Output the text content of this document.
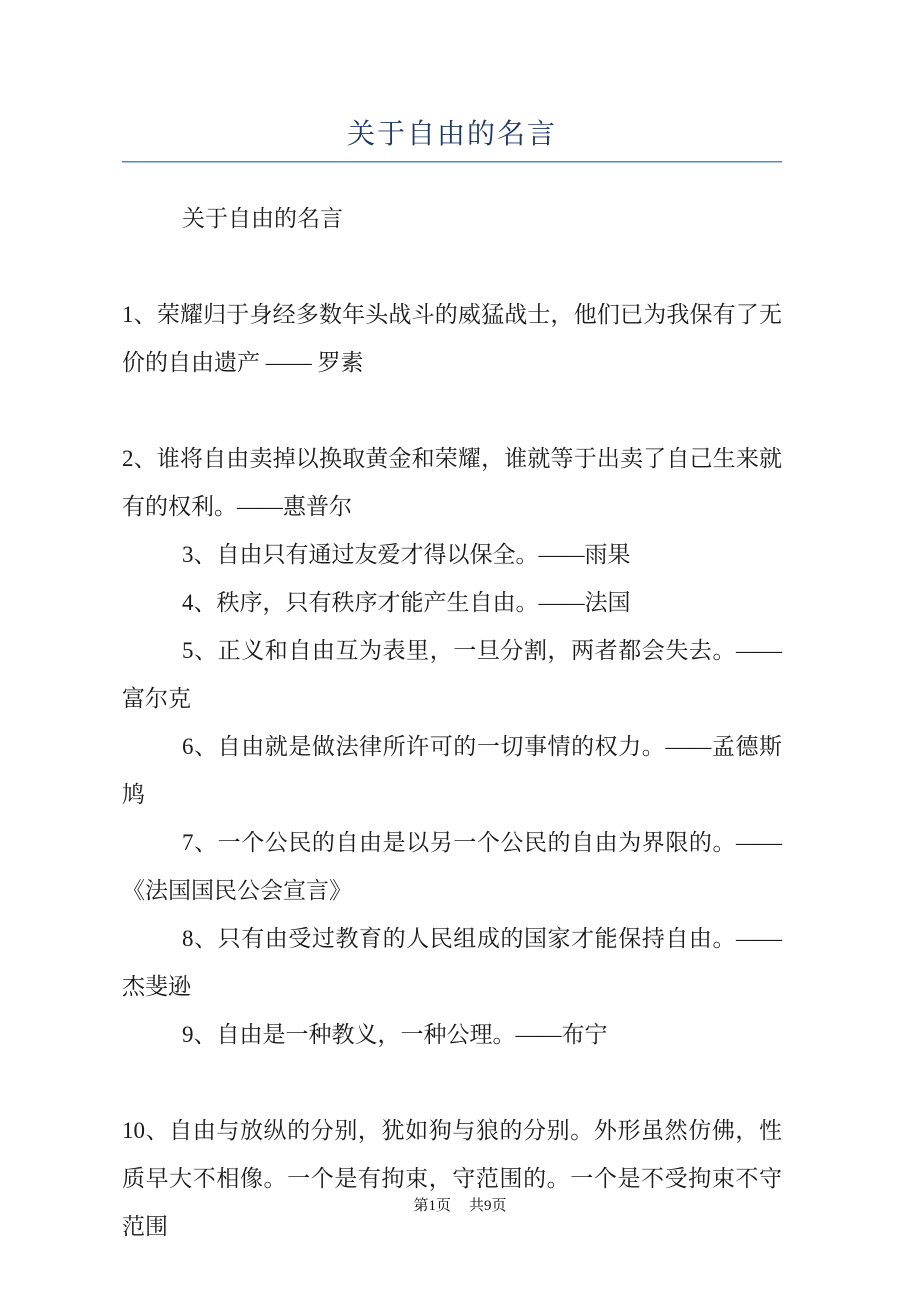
关于自由的名言

关于自由的名言

1、荣耀归于身经多数年头战斗的威猛战士，他们已为我保有了无价的自由遗产 —— 罗素

2、谁将自由卖掉以换取黄金和荣耀，谁就等于出卖了自己生来就有的权利。——惠普尔

3、自由只有通过友爱才得以保全。——雨果

4、秩序，只有秩序才能产生自由。——法国

5、正义和自由互为表里，一旦分割，两者都会失去。——富尔克

6、自由就是做法律所许可的一切事情的权力。——孟德斯鸠

7、一个公民的自由是以另一个公民的自由为界限的。——《法国国民公会宣言》

8、只有由受过教育的人民组成的国家才能保持自由。——杰斐逊

9、自由是一种教义，一种公理。——布宁

10、自由与放纵的分别，犹如狗与狼的分别。外形虽然仿佛，性质早大不相像。一个是有拘束，守范围的。一个是不受拘束不守范围

第1页 共9页
